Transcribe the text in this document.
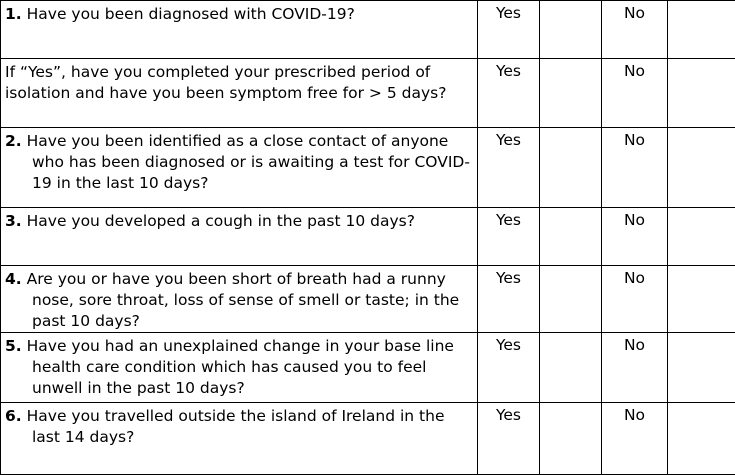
1. Have you been diagnosed with COVID-19?	Yes		No	

If “Yes”, have you completed your prescribed period of isolation and have you been symptom free for > 5 days?	Yes		No	

2. Have you been identified as a close contact of anyone who has been diagnosed or is awaiting a test for COVID-19 in the last 10 days?	Yes		No	

3. Have you developed a cough in the past 10 days?	Yes		No	

4. Are you or have you been short of breath had a runny nose, sore throat, loss of sense of smell or taste; in the past 10 days?	Yes		No	

5. Have you had an unexplained change in your base line health care condition which has caused you to feel unwell in the past 10 days?	Yes		No	

6. Have you travelled outside the island of Ireland in the last 14 days?	Yes		No	
